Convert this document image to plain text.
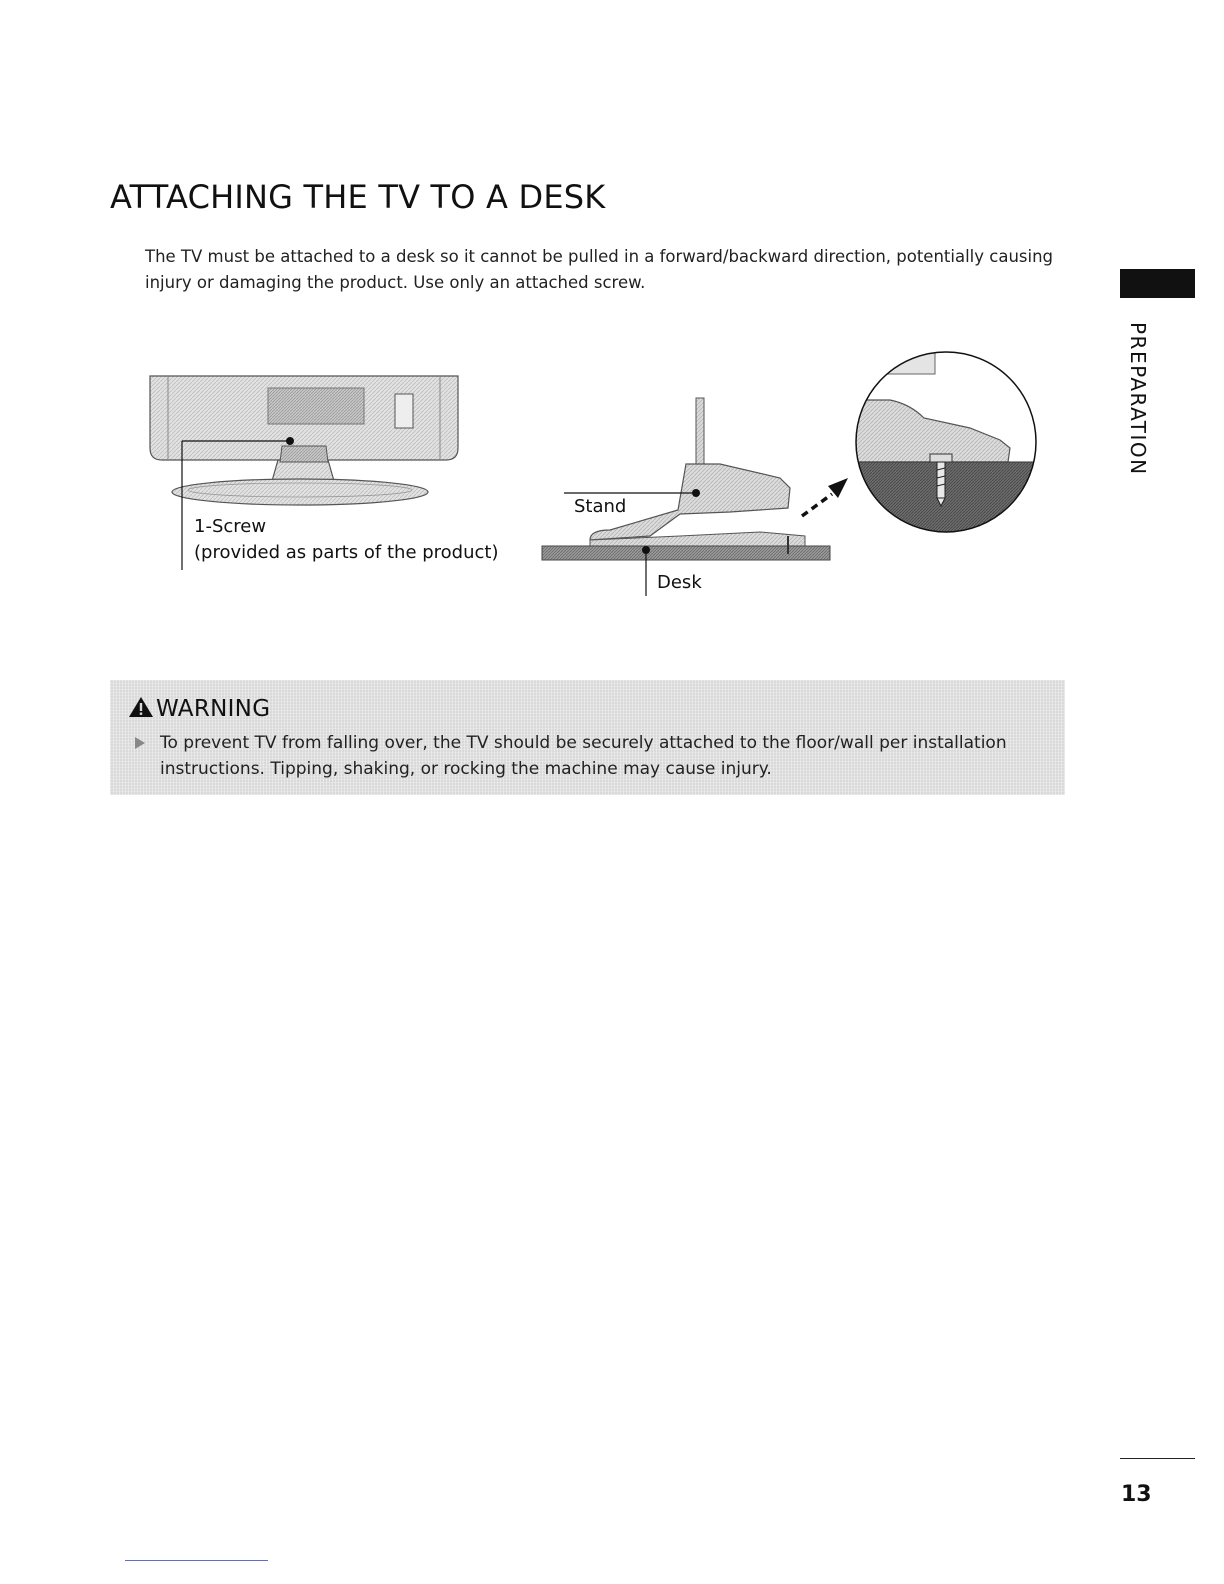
ATTACHING THE TV TO A DESK

The TV must be attached to a desk so it cannot be pulled in a forward/backward direction, potentially causing injury or damaging the product. Use only an attached screw.

PREPARATION
1-Screw
(provided as parts of the product)
Stand
Desk
WARNING

To prevent TV from falling over, the TV should be securely attached to the floor/wall per installation instructions. Tipping, shaking, or rocking the machine may cause injury.

13
